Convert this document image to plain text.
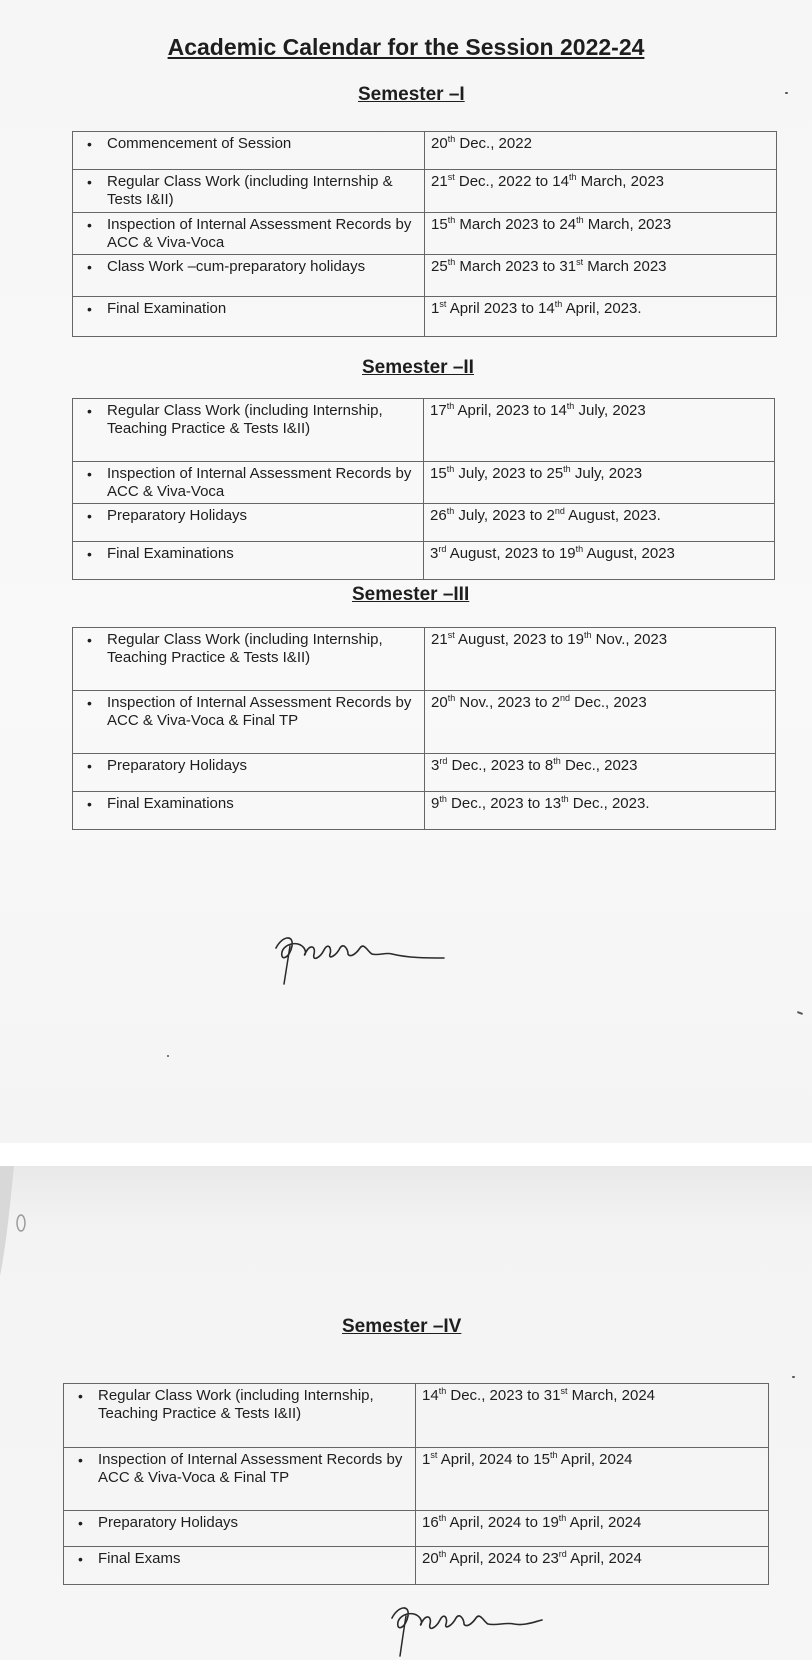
Academic Calendar for the Session 2022-24
Semester –I
• Commencement of Session	20th Dec., 2022
• Regular Class Work (including Internship & Tests I&II)	21st Dec., 2022 to 14th March, 2023
• Inspection of Internal Assessment Records by ACC & Viva-Voca	15th March 2023 to 24th March, 2023
• Class Work –cum-preparatory holidays	25th March 2023 to 31st March 2023
• Final Examination	1st April 2023 to 14th April, 2023.
Semester –II
• Regular Class Work (including Internship, Teaching Practice & Tests I&II)	17th April, 2023 to 14th July, 2023
• Inspection of Internal Assessment Records by ACC & Viva-Voca	15th July, 2023 to 25th July, 2023
• Preparatory Holidays	26th July, 2023 to 2nd August, 2023.
• Final Examinations	3rd August, 2023 to 19th August, 2023
Semester –III
• Regular Class Work (including Internship, Teaching Practice & Tests I&II)	21st August, 2023 to 19th Nov., 2023
• Inspection of Internal Assessment Records by ACC & Viva-Voca & Final TP	20th Nov., 2023 to 2nd Dec., 2023
• Preparatory Holidays	3rd Dec., 2023 to 8th Dec., 2023
• Final Examinations	9th Dec., 2023 to 13th Dec., 2023.
Semester –IV
• Regular Class Work (including Internship, Teaching Practice & Tests I&II)	14th Dec., 2023 to 31st March, 2024
• Inspection of Internal Assessment Records by ACC & Viva-Voca & Final TP	1st April, 2024 to 15th April, 2024
• Preparatory Holidays	16th April, 2024 to 19th April, 2024
• Final Exams	20th April, 2024 to 23rd April, 2024
